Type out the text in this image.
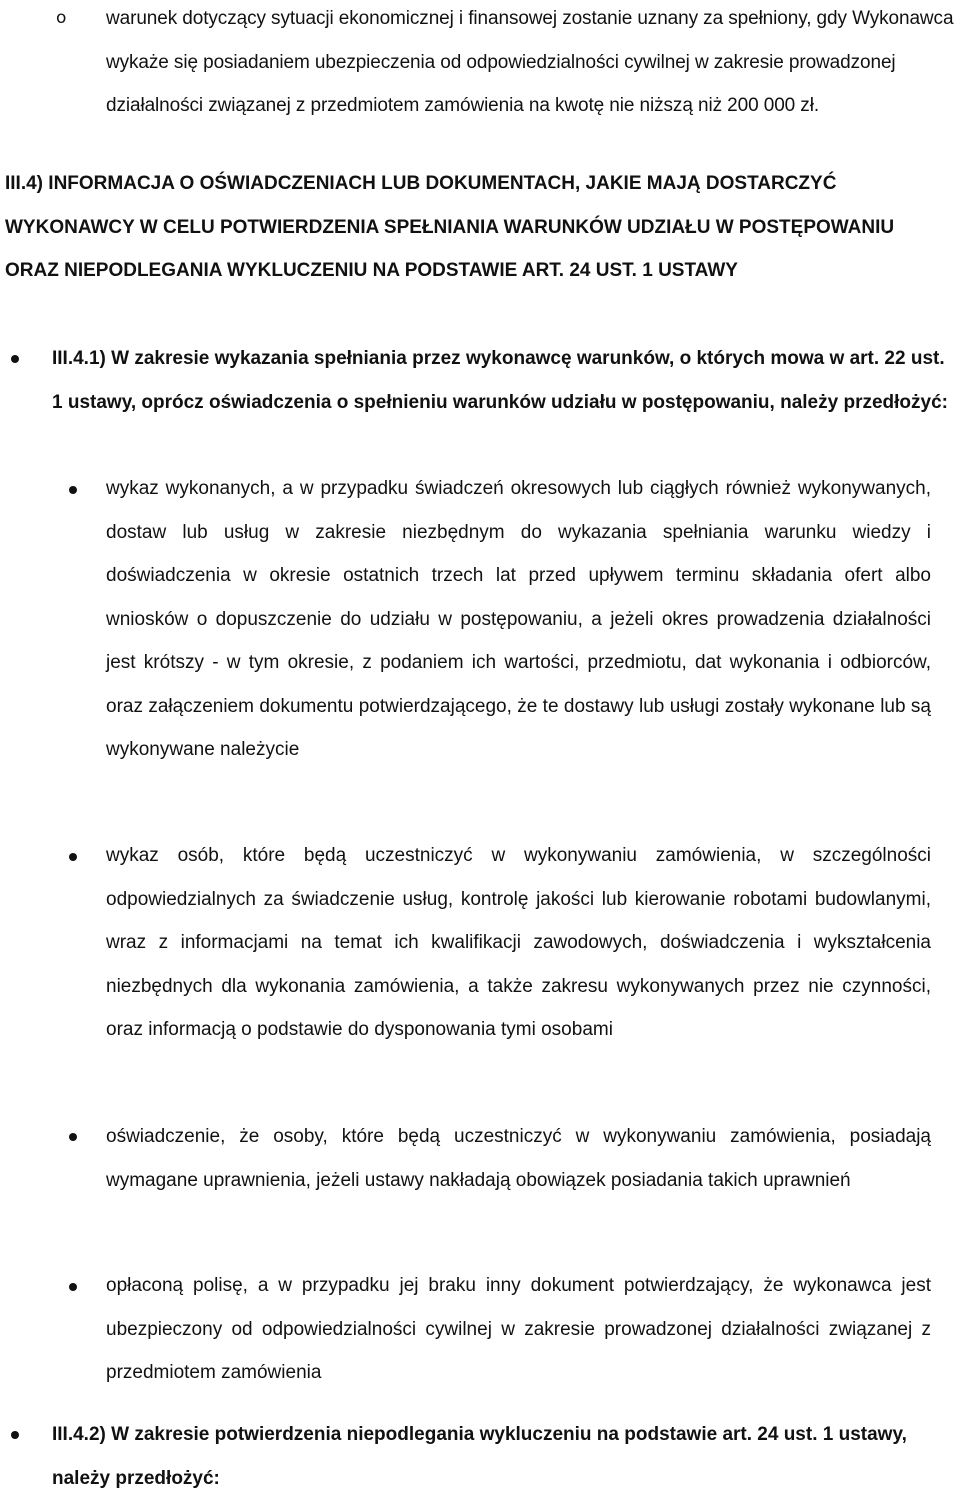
o warunek dotyczący sytuacji ekonomicznej i finansowej zostanie uznany za spełniony, gdy Wykonawca wykaże się posiadaniem ubezpieczenia od odpowiedzialności cywilnej w zakresie prowadzonej działalności związanej z przedmiotem zamówienia na kwotę nie niższą niż 200 000 zł.

III.4) INFORMACJA O OŚWIADCZENIACH LUB DOKUMENTACH, JAKIE MAJĄ DOSTARCZYĆ WYKONAWCY W CELU POTWIERDZENIA SPEŁNIANIA WARUNKÓW UDZIAŁU W POSTĘPOWANIU ORAZ NIEPODLEGANIA WYKLUCZENIU NA PODSTAWIE ART. 24 UST. 1 USTAWY

III.4.1) W zakresie wykazania spełniania przez wykonawcę warunków, o których mowa w art. 22 ust. 1 ustawy, oprócz oświadczenia o spełnieniu warunków udziału w postępowaniu, należy przedłożyć:

wykaz wykonanych, a w przypadku świadczeń okresowych lub ciągłych również wykonywanych, dostaw lub usług w zakresie niezbędnym do wykazania spełniania warunku wiedzy i doświadczenia w okresie ostatnich trzech lat przed upływem terminu składania ofert albo wniosków o dopuszczenie do udziału w postępowaniu, a jeżeli okres prowadzenia działalności jest krótszy - w tym okresie, z podaniem ich wartości, przedmiotu, dat wykonania i odbiorców, oraz załączeniem dokumentu potwierdzającego, że te dostawy lub usługi zostały wykonane lub są wykonywane należycie

wykaz osób, które będą uczestniczyć w wykonywaniu zamówienia, w szczególności odpowiedzialnych za świadczenie usług, kontrolę jakości lub kierowanie robotami budowlanymi, wraz z informacjami na temat ich kwalifikacji zawodowych, doświadczenia i wykształcenia niezbędnych dla wykonania zamówienia, a także zakresu wykonywanych przez nie czynności, oraz informacją o podstawie do dysponowania tymi osobami

oświadczenie, że osoby, które będą uczestniczyć w wykonywaniu zamówienia, posiadają wymagane uprawnienia, jeżeli ustawy nakładają obowiązek posiadania takich uprawnień

opłaconą polisę, a w przypadku jej braku inny dokument potwierdzający, że wykonawca jest ubezpieczony od odpowiedzialności cywilnej w zakresie prowadzonej działalności związanej z przedmiotem zamówienia

III.4.2) W zakresie potwierdzenia niepodlegania wykluczeniu na podstawie art. 24 ust. 1 ustawy, należy przedłożyć:
